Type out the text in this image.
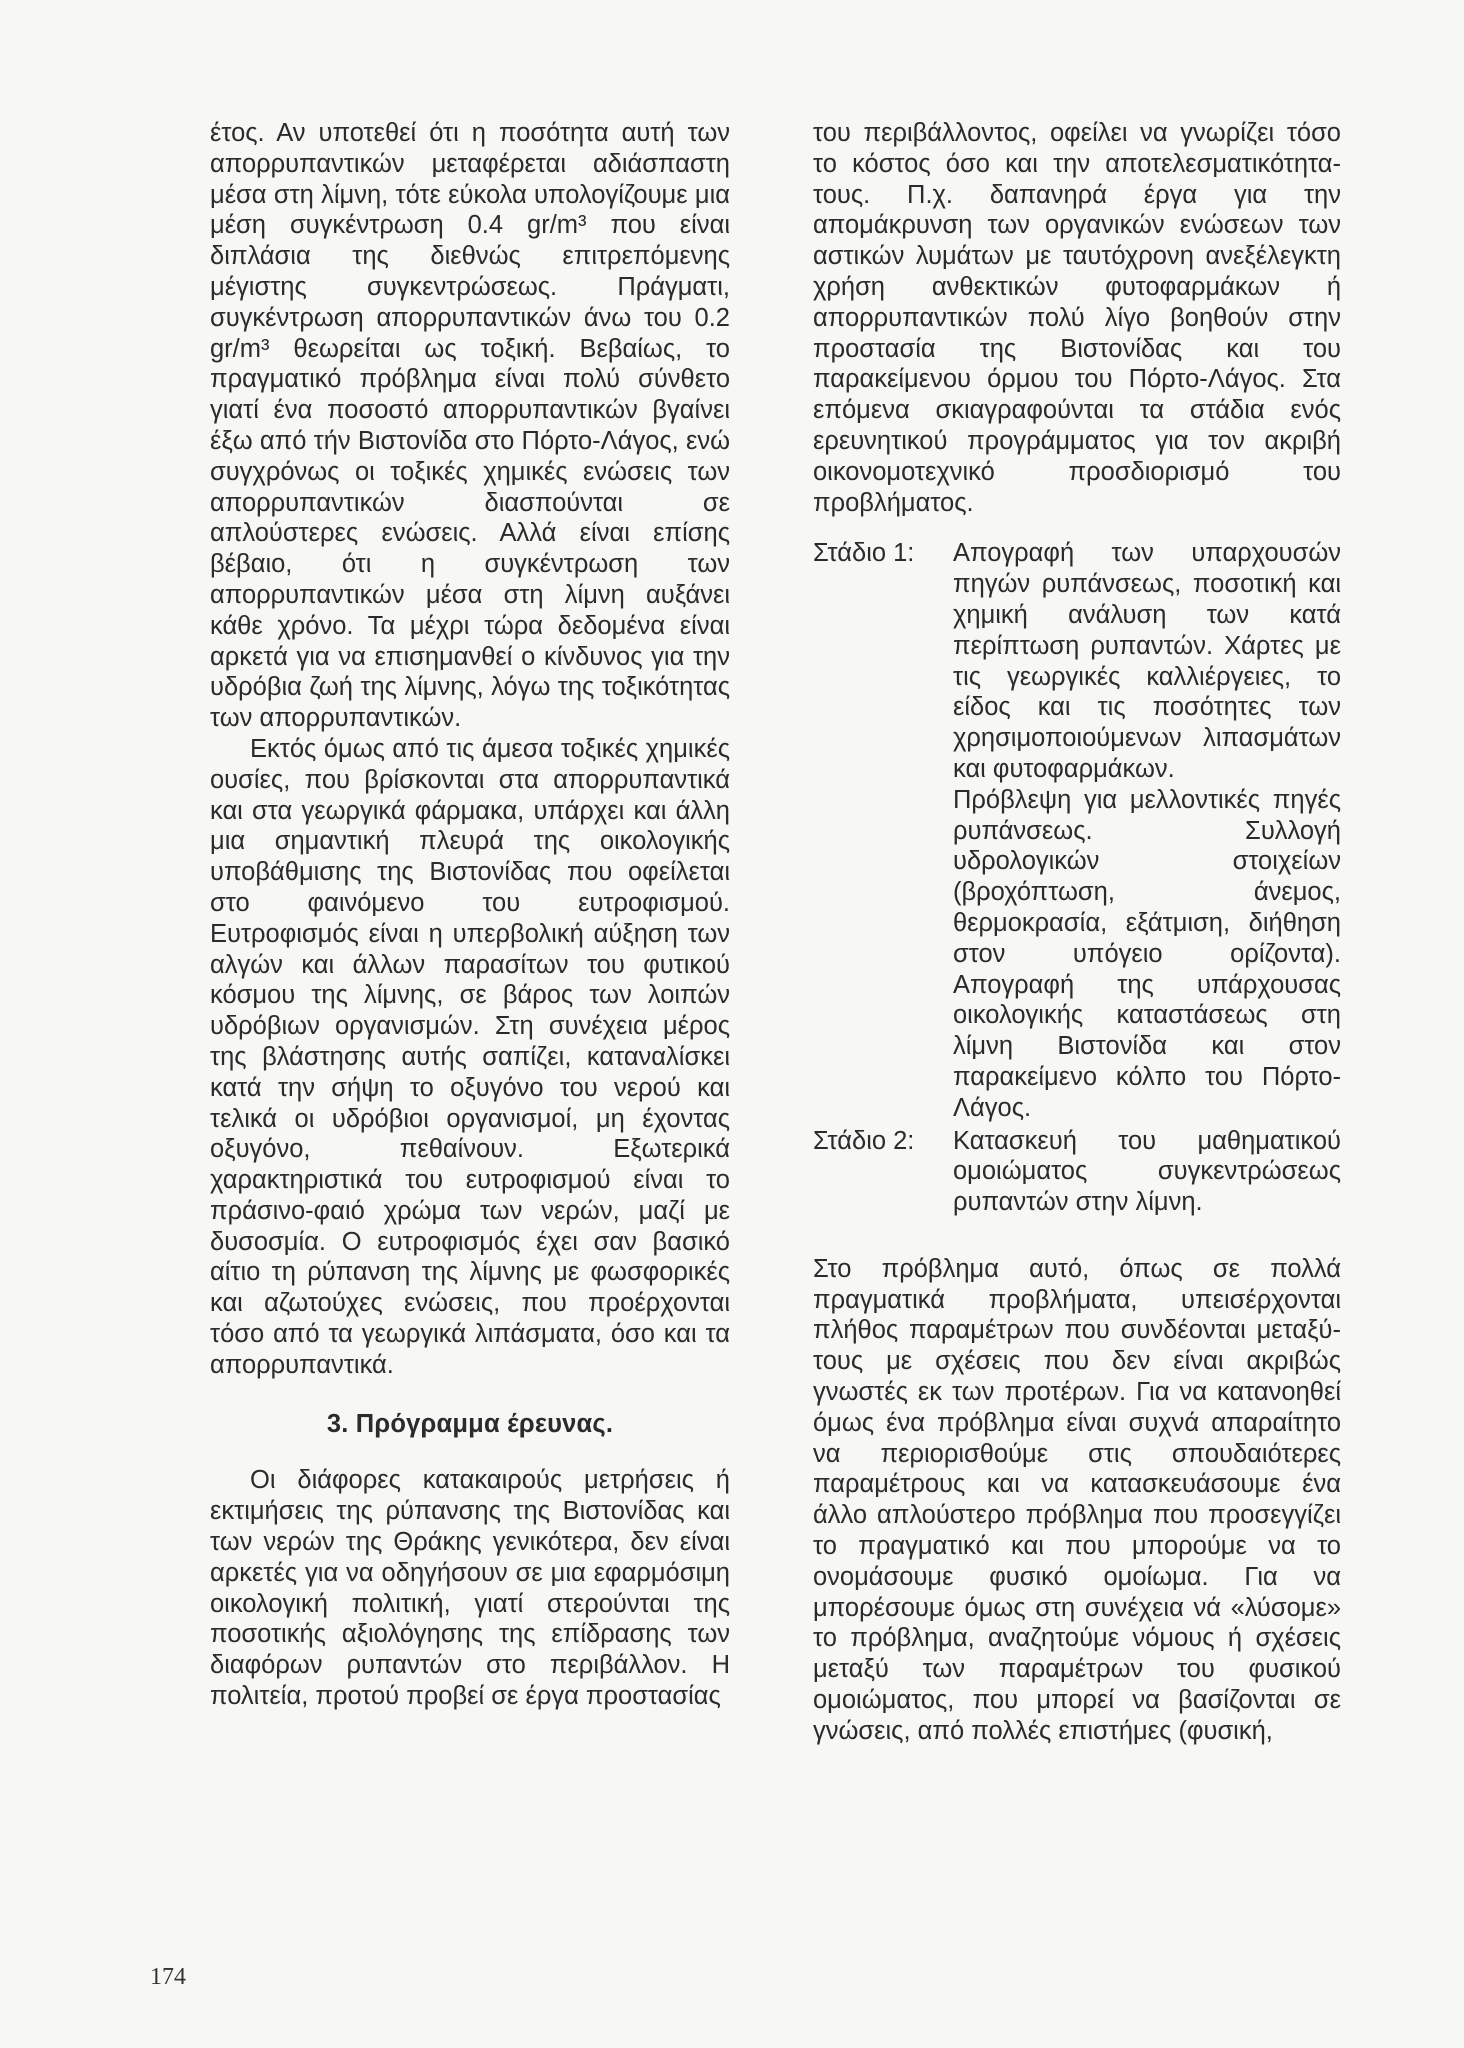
έτος. Αν υποτεθεί ότι η ποσότητα αυτή των απορρυπαντικών μεταφέρεται αδιάσπαστη μέσα στη λίμνη, τότε εύκολα υπολογίζουμε μια μέση συγκέντρωση 0.4 gr/m³ που είναι διπλάσια της διεθνώς επιτρεπόμενης μέγιστης συγκεντρώσεως. Πράγματι, συγκέντρωση απορρυπαντικών άνω του 0.2 gr/m³ θεωρείται ως τοξική. Βεβαίως, το πραγματικό πρόβλημα είναι πολύ σύνθετο γιατί ένα ποσοστό απορρυπαντικών βγαίνει έξω από τήν Βιστονίδα στο Πόρτο-Λάγος, ενώ συγχρόνως οι τοξικές χημικές ενώσεις των απορρυπαντικών διασπούνται σε απλούστερες ενώσεις. Αλλά είναι επίσης βέβαιο, ότι η συγκέντρωση των απορρυπαντικών μέσα στη λίμνη αυξάνει κάθε χρόνο. Τα μέχρι τώρα δεδομένα είναι αρκετά για να επισημανθεί ο κίνδυνος για την υδρόβια ζωή της λίμνης, λόγω της τοξικότητας των απορρυπαντικών.

Εκτός όμως από τις άμεσα τοξικές χημικές ουσίες, που βρίσκονται στα απορρυπαντικά και στα γεωργικά φάρμακα, υπάρχει και άλλη μια σημαντική πλευρά της οικολογικής υποβάθμισης της Βιστονίδας που οφείλεται στο φαινόμενο του ευτροφισμού. Ευτροφισμός είναι η υπερβολική αύξηση των αλγών και άλλων παρασίτων του φυτικού κόσμου της λίμνης, σε βάρος των λοιπών υδρόβιων οργανισμών. Στη συνέχεια μέρος της βλάστησης αυτής σαπίζει, καταναλίσκει κατά την σήψη το οξυγόνο του νερού και τελικά οι υδρόβιοι οργανισμοί, μη έχοντας οξυγόνο, πεθαίνουν. Εξωτερικά χαρακτηριστικά του ευτροφισμού είναι το πράσινο-φαιό χρώμα των νερών, μαζί με δυσοσμία. Ο ευτροφισμός έχει σαν βασικό αίτιο τη ρύπανση της λίμνης με φωσφορικές και αζωτούχες ενώσεις, που προέρχονται τόσο από τα γεωργικά λιπάσματα, όσο και τα απορρυπαντικά.

3. Πρόγραμμα έρευνας.

Οι διάφορες κατακαιρούς μετρήσεις ή εκτιμήσεις της ρύπανσης της Βιστονίδας και των νερών της Θράκης γενικότερα, δεν είναι αρκετές για να οδηγήσουν σε μια εφαρμόσιμη οικολογική πολιτική, γιατί στερούνται της ποσοτικής αξιολόγησης της επίδρασης των διαφόρων ρυπαντών στο περιβάλλον. Η πολιτεία, προτού προβεί σε έργα προστασίας

του περιβάλλοντος, οφείλει να γνωρίζει τόσο το κόστος όσο και την αποτελεσματικότητα-τους. Π.χ. δαπανηρά έργα για την απομάκρυνση των οργανικών ενώσεων των αστικών λυμάτων με ταυτόχρονη ανεξέλεγκτη χρήση ανθεκτικών φυτοφαρμάκων ή απορρυπαντικών πολύ λίγο βοηθούν στην προστασία της Βιστονίδας και του παρακείμενου όρμου του Πόρτο-Λάγος. Στα επόμενα σκιαγραφούνται τα στάδια ενός ερευνητικού προγράμματος για τον ακριβή οικονομοτεχνικό προσδιορισμό του προβλήματος.

Στάδιο 1:	Απογραφή των υπαρχουσών πηγών ρυπάνσεως, ποσοτική και χημική ανάλυση των κατά περίπτωση ρυπαντών. Χάρτες με τις γεωργικές καλλιέργειες, το είδος και τις ποσότητες των χρησιμοποιούμενων λιπασμάτων και φυτοφαρμάκων.

Πρόβλεψη για μελλοντικές πηγές ρυπάνσεως. Συλλογή υδρολογικών στοιχείων (βροχόπτωση, άνεμος, θερμοκρασία, εξάτμιση, διήθηση στον υπόγειο ορίζοντα). Απογραφή της υπάρχουσας οικολογικής καταστάσεως στη λίμνη Βιστονίδα και στον παρακείμενο κόλπο του Πόρτο-Λάγος.

Στάδιο 2:	Κατασκευή του μαθηματικού ομοιώματος συγκεντρώσεως ρυπαντών στην λίμνη.

Στο πρόβλημα αυτό, όπως σε πολλά πραγματικά προβλήματα, υπεισέρχονται πλήθος παραμέτρων που συνδέονται μεταξύ-τους με σχέσεις που δεν είναι ακριβώς γνωστές εκ των προτέρων. Για να κατανοηθεί όμως ένα πρόβλημα είναι συχνά απαραίτητο να περιορισθούμε στις σπουδαιότερες παραμέτρους και να κατασκευάσουμε ένα άλλο απλούστερο πρόβλημα που προσεγγίζει το πραγματικό και που μπορούμε να το ονομάσουμε φυσικό ομοίωμα. Για να μπορέσουμε όμως στη συνέχεια νά «λύσομε» το πρόβλημα, αναζητούμε νόμους ή σχέσεις μεταξύ των παραμέτρων του φυσικού ομοιώματος, που μπορεί να βασίζονται σε γνώσεις, από πολλές επιστήμες (φυσική,

174
